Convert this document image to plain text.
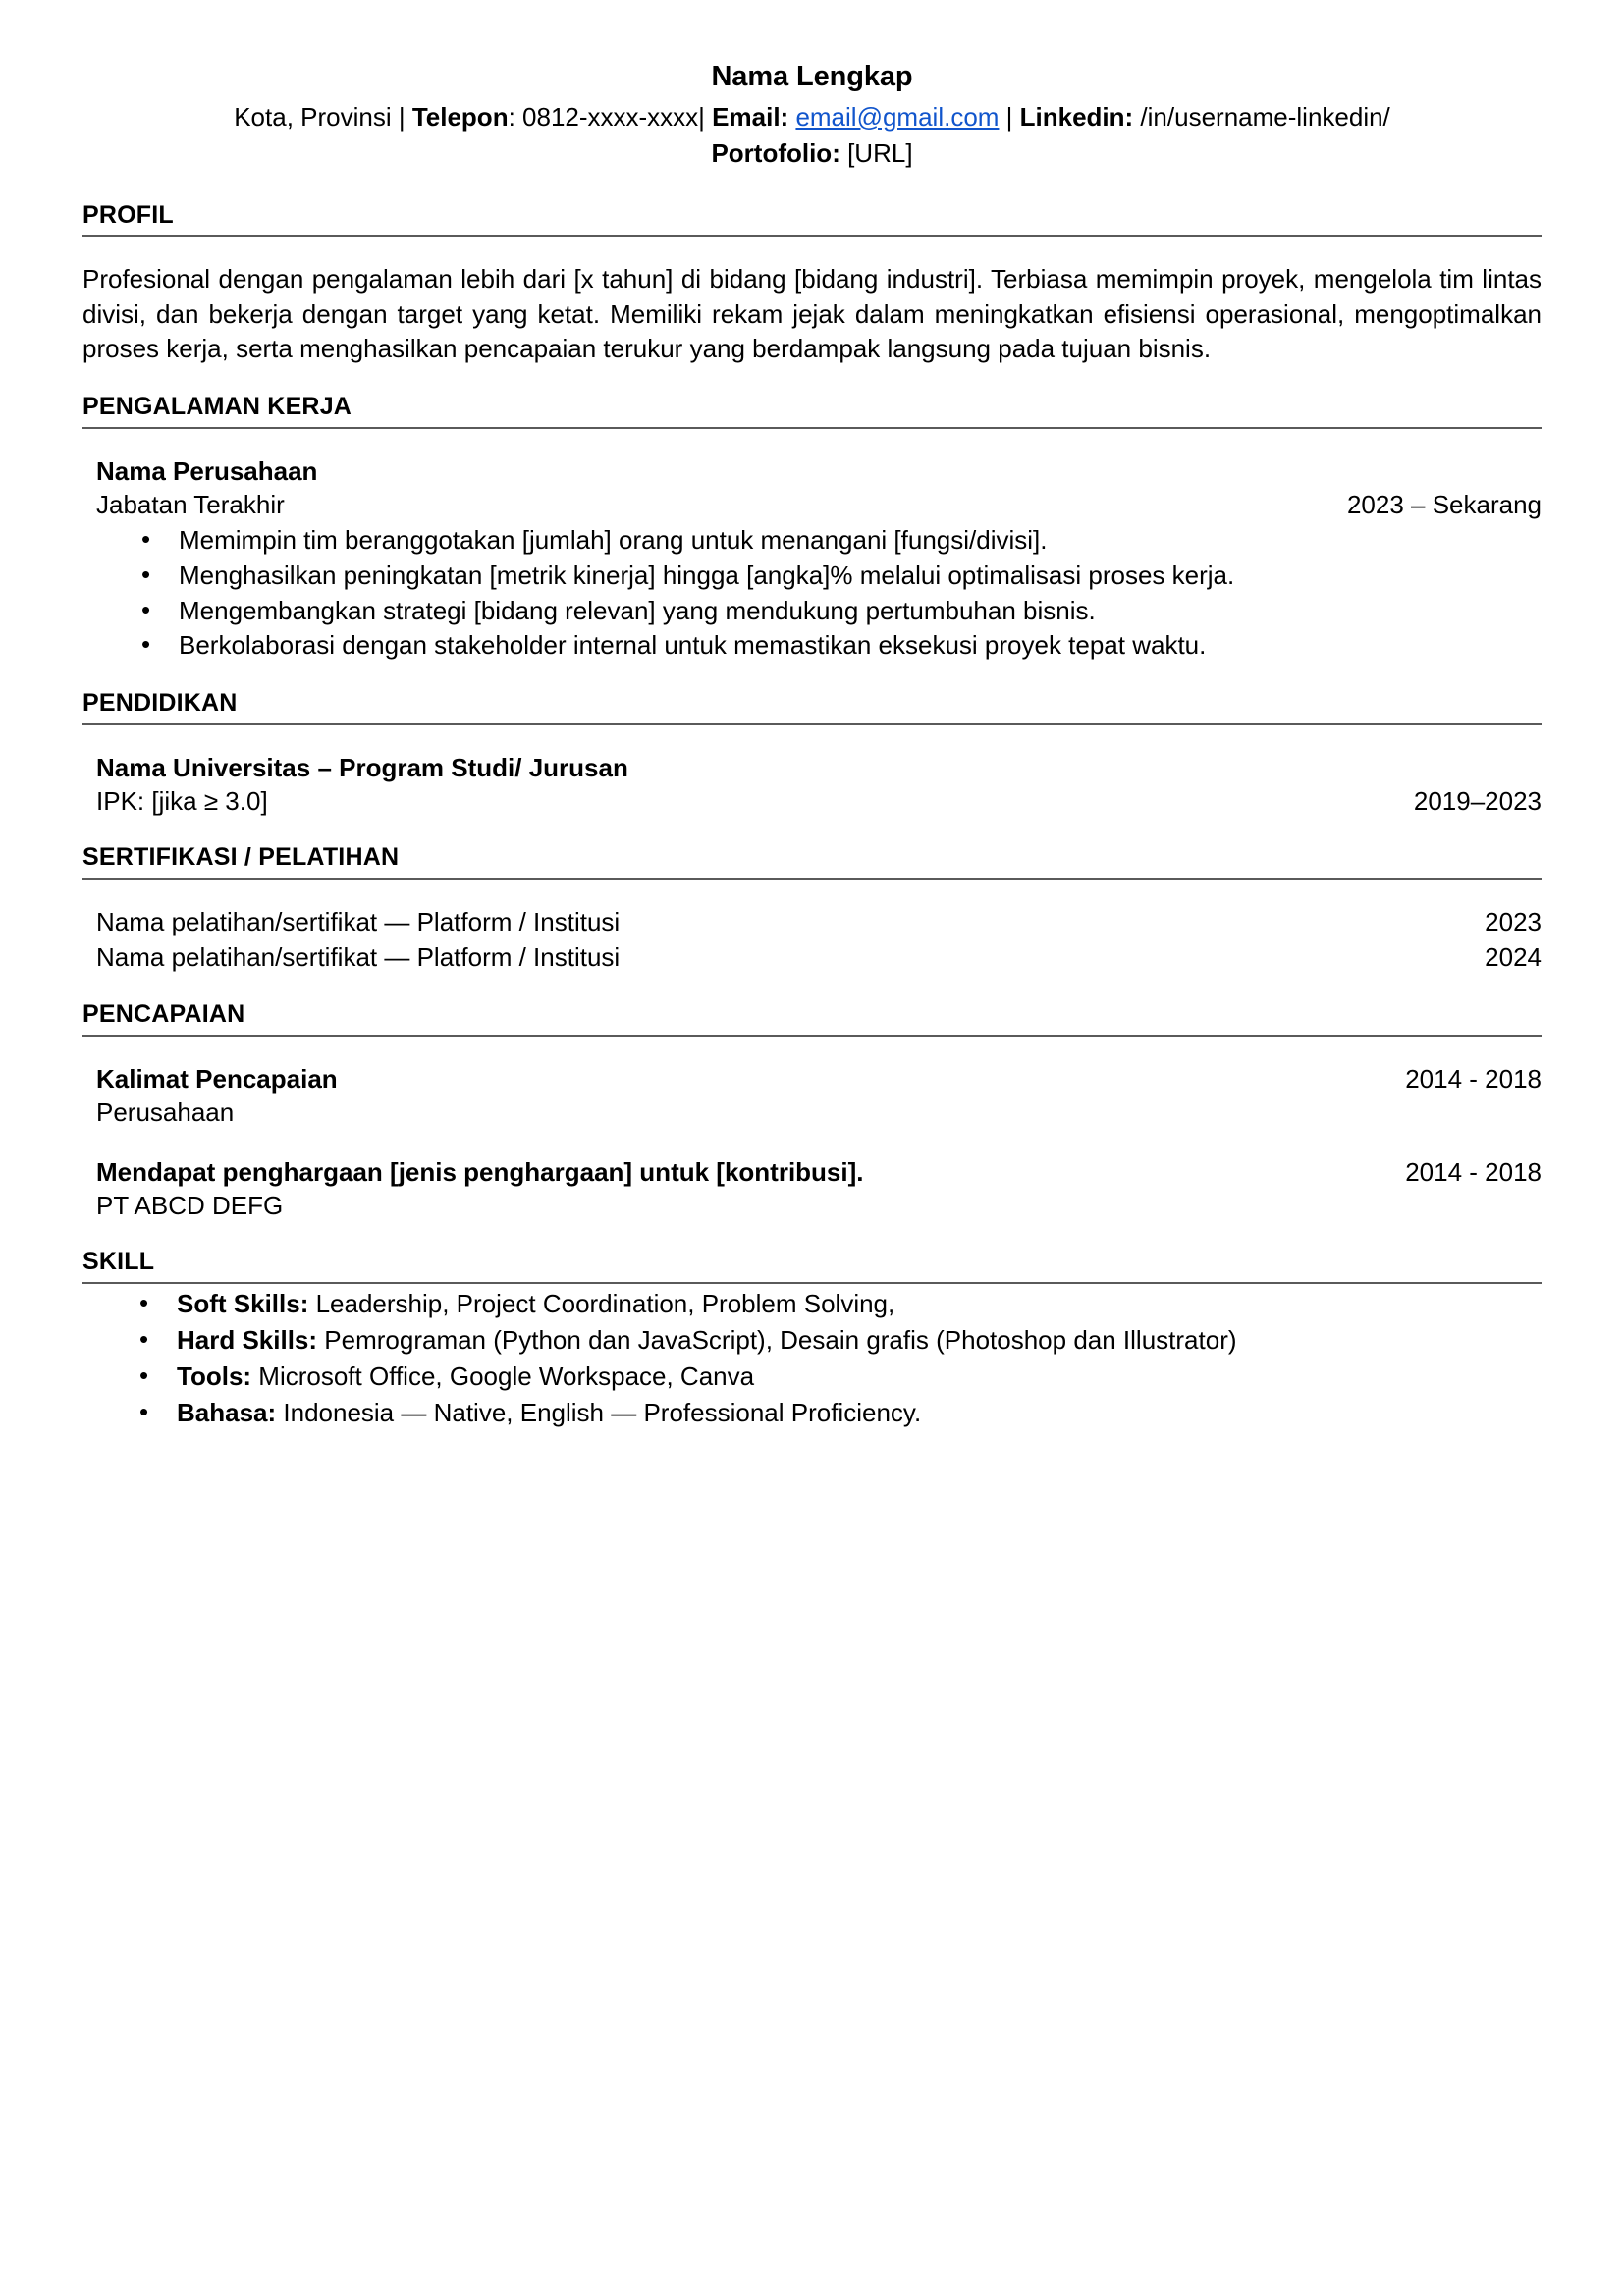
Nama Lengkap
Kota, Provinsi | Telepon: 0812-xxxx-xxxx| Email: email@gmail.com | Linkedin: /in/username-linkedin/
Portofolio: [URL]
PROFIL

Profesional dengan pengalaman lebih dari [x tahun] di bidang [bidang industri]. Terbiasa memimpin proyek, mengelola tim lintas divisi, dan bekerja dengan target yang ketat. Memiliki rekam jejak dalam meningkatkan efisiensi operasional, mengoptimalkan proses kerja, serta menghasilkan pencapaian terukur yang berdampak langsung pada tujuan bisnis.

PENGALAMAN KERJA
Nama Perusahaan
Jabatan Terakhir	2023 – Sekarang
• Memimpin tim beranggotakan [jumlah] orang untuk menangani [fungsi/divisi].
• Menghasilkan peningkatan [metrik kinerja] hingga [angka]% melalui optimalisasi proses kerja.
• Mengembangkan strategi [bidang relevan] yang mendukung pertumbuhan bisnis.
• Berkolaborasi dengan stakeholder internal untuk memastikan eksekusi proyek tepat waktu.
PENDIDIKAN
Nama Universitas – Program Studi/ Jurusan
IPK: [jika ≥ 3.0]	2019–2023
SERTIFIKASI / PELATIHAN
Nama pelatihan/sertifikat — Platform / Institusi	2023
Nama pelatihan/sertifikat — Platform / Institusi	2024
PENCAPAIAN
Kalimat Pencapaian	2014 - 2018
Perusahaan
Mendapat penghargaan [jenis penghargaan] untuk [kontribusi].	2014 - 2018
PT ABCD DEFG
SKILL
• Soft Skills: Leadership, Project Coordination, Problem Solving,
• Hard Skills: Pemrograman (Python dan JavaScript), Desain grafis (Photoshop dan Illustrator)
• Tools: Microsoft Office, Google Workspace, Canva
• Bahasa: Indonesia — Native, English — Professional Proficiency.
